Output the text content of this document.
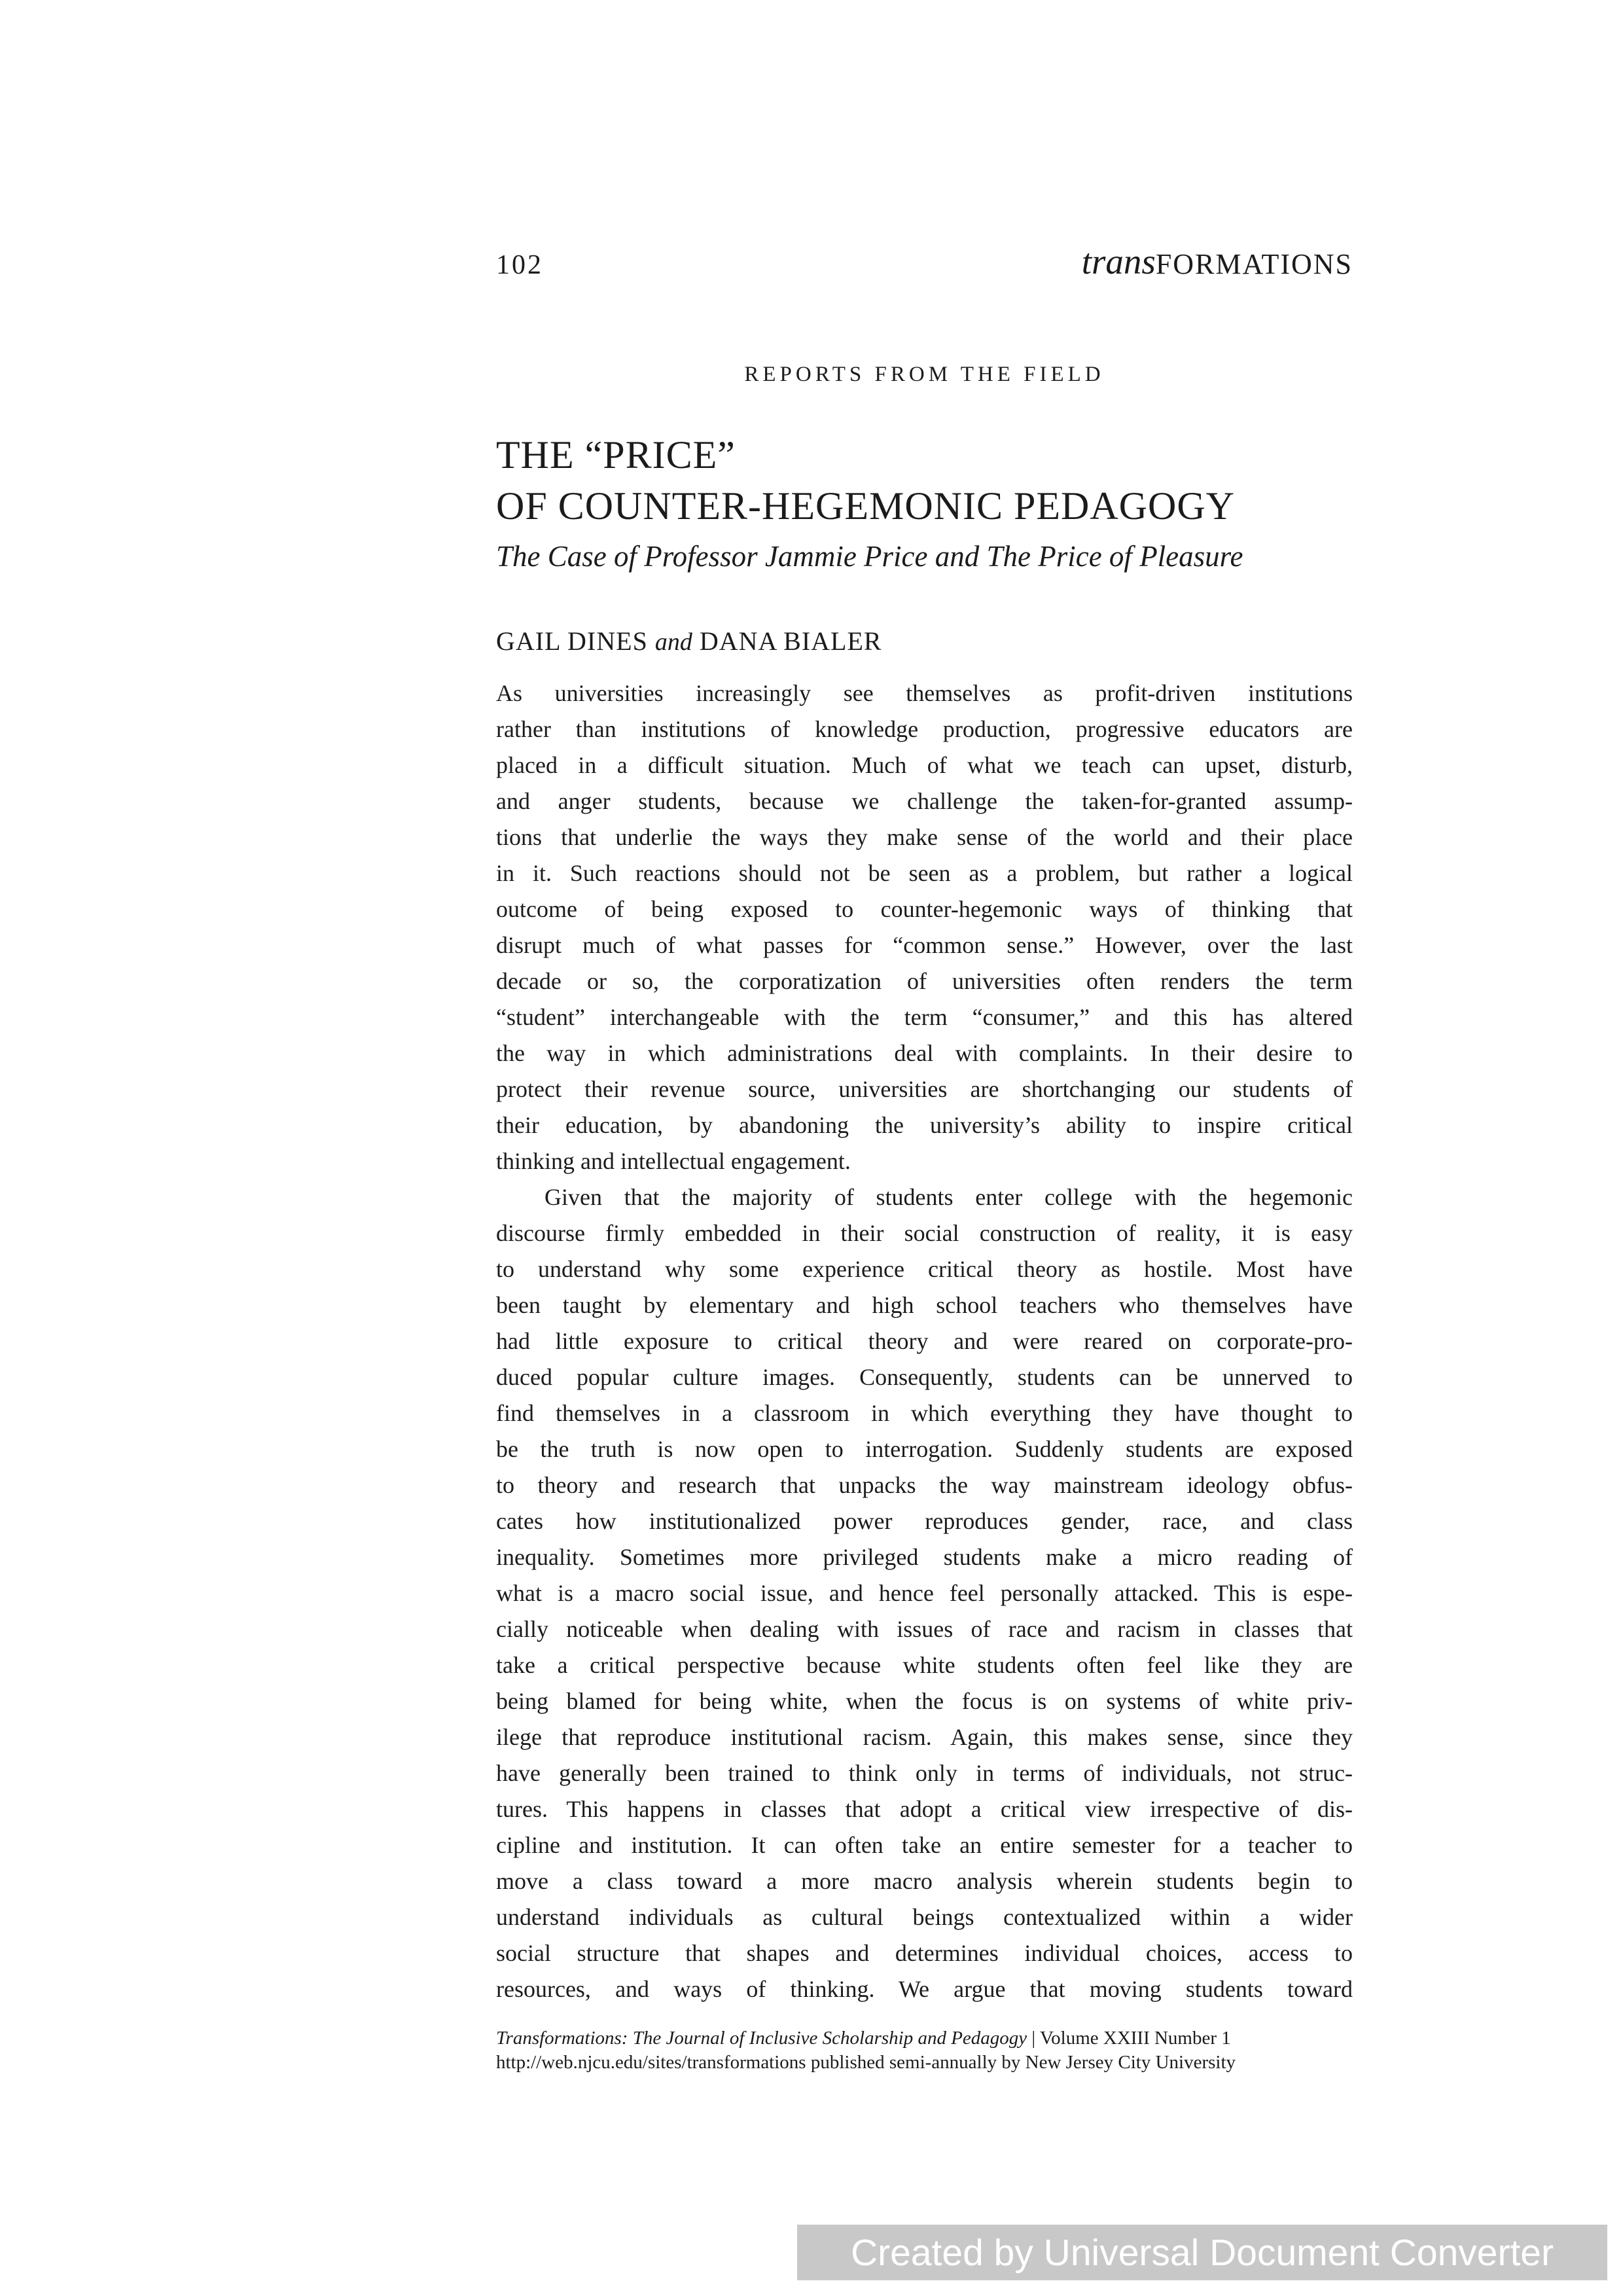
102	transFORMATIONS
REPORTS FROM THE FIELD
THE “PRICE”
OF COUNTER-HEGEMONIC PEDAGOGY
The Case of Professor Jammie Price and The Price of Pleasure
GAIL DINES and DANA BIALER
As universities increasingly see themselves as profit-driven institutions
rather than institutions of knowledge production, progressive educators are
placed in a difficult situation. Much of what we teach can upset, disturb,
and anger students, because we challenge the taken-for-granted assump-
tions that underlie the ways they make sense of the world and their place
in it. Such reactions should not be seen as a problem, but rather a logical
outcome of being exposed to counter-hegemonic ways of thinking that
disrupt much of what passes for “common sense.” However, over the last
decade or so, the corporatization of universities often renders the term
“student” interchangeable with the term “consumer,” and this has altered
the way in which administrations deal with complaints. In their desire to
protect their revenue source, universities are shortchanging our students of
their education, by abandoning the university’s ability to inspire critical
thinking and intellectual engagement.
Given that the majority of students enter college with the hegemonic
discourse firmly embedded in their social construction of reality, it is easy
to understand why some experience critical theory as hostile. Most have
been taught by elementary and high school teachers who themselves have
had little exposure to critical theory and were reared on corporate-pro-
duced popular culture images. Consequently, students can be unnerved to
find themselves in a classroom in which everything they have thought to
be the truth is now open to interrogation. Suddenly students are exposed
to theory and research that unpacks the way mainstream ideology obfus-
cates how institutionalized power reproduces gender, race, and class
inequality. Sometimes more privileged students make a micro reading of
what is a macro social issue, and hence feel personally attacked. This is espe-
cially noticeable when dealing with issues of race and racism in classes that
take a critical perspective because white students often feel like they are
being blamed for being white, when the focus is on systems of white priv-
ilege that reproduce institutional racism. Again, this makes sense, since they
have generally been trained to think only in terms of individuals, not struc-
tures. This happens in classes that adopt a critical view irrespective of dis-
cipline and institution. It can often take an entire semester for a teacher to
move a class toward a more macro analysis wherein students begin to
understand individuals as cultural beings contextualized within a wider
social structure that shapes and determines individual choices, access to
resources, and ways of thinking. We argue that moving students toward
Transformations: The Journal of Inclusive Scholarship and Pedagogy | Volume XXIII Number 1
http://web.njcu.edu/sites/transformations published semi-annually by New Jersey City University
Created by Universal Document Converter
